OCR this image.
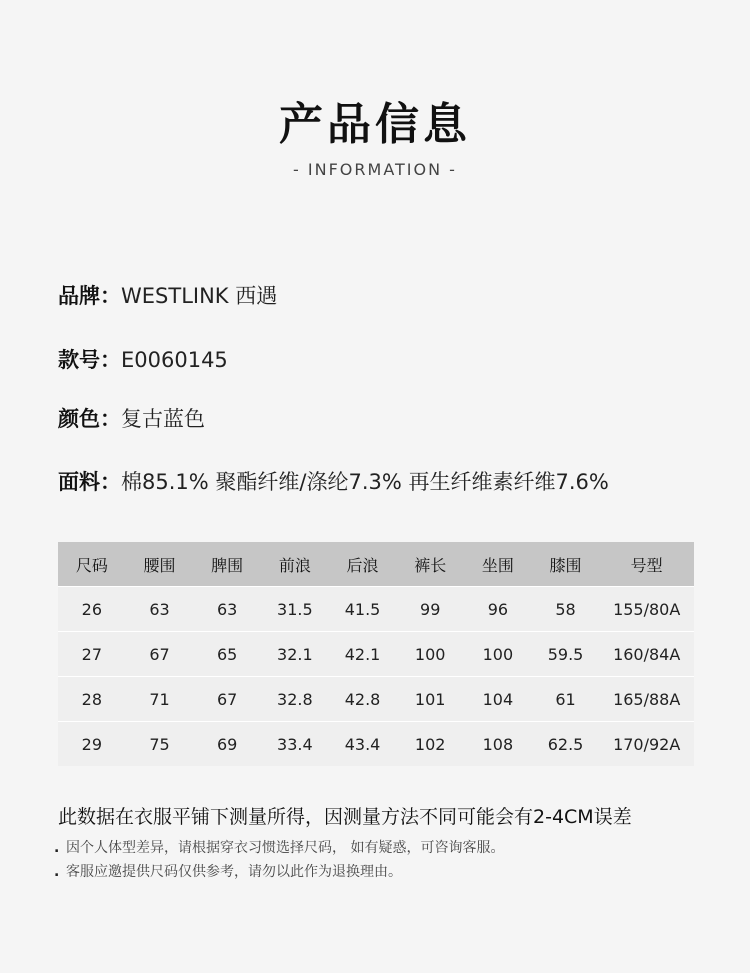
产品信息
- INFORMATION -
品牌：WESTLINK 西遇
款号：E0060145
颜色：复古蓝色
面料：棉85.1% 聚酯纤维/涤纶7.3% 再生纤维素纤维7.6%
尺码	腰围	脾围	前浪	后浪	裤长	坐围	膝围	号型
26	63	63	31.5	41.5	99	96	58	155/80A
27	67	65	32.1	42.1	100	100	59.5	160/84A
28	71	67	32.8	42.8	101	104	61	165/88A
29	75	69	33.4	43.4	102	108	62.5	170/92A
此数据在衣服平铺下测量所得，因测量方法不同可能会有2-4CM误差
. 因个人体型差异，请根据穿衣习惯选择尺码， 如有疑惑，可咨询客服。
. 客服应邀提供尺码仅供参考，请勿以此作为退换理由。
